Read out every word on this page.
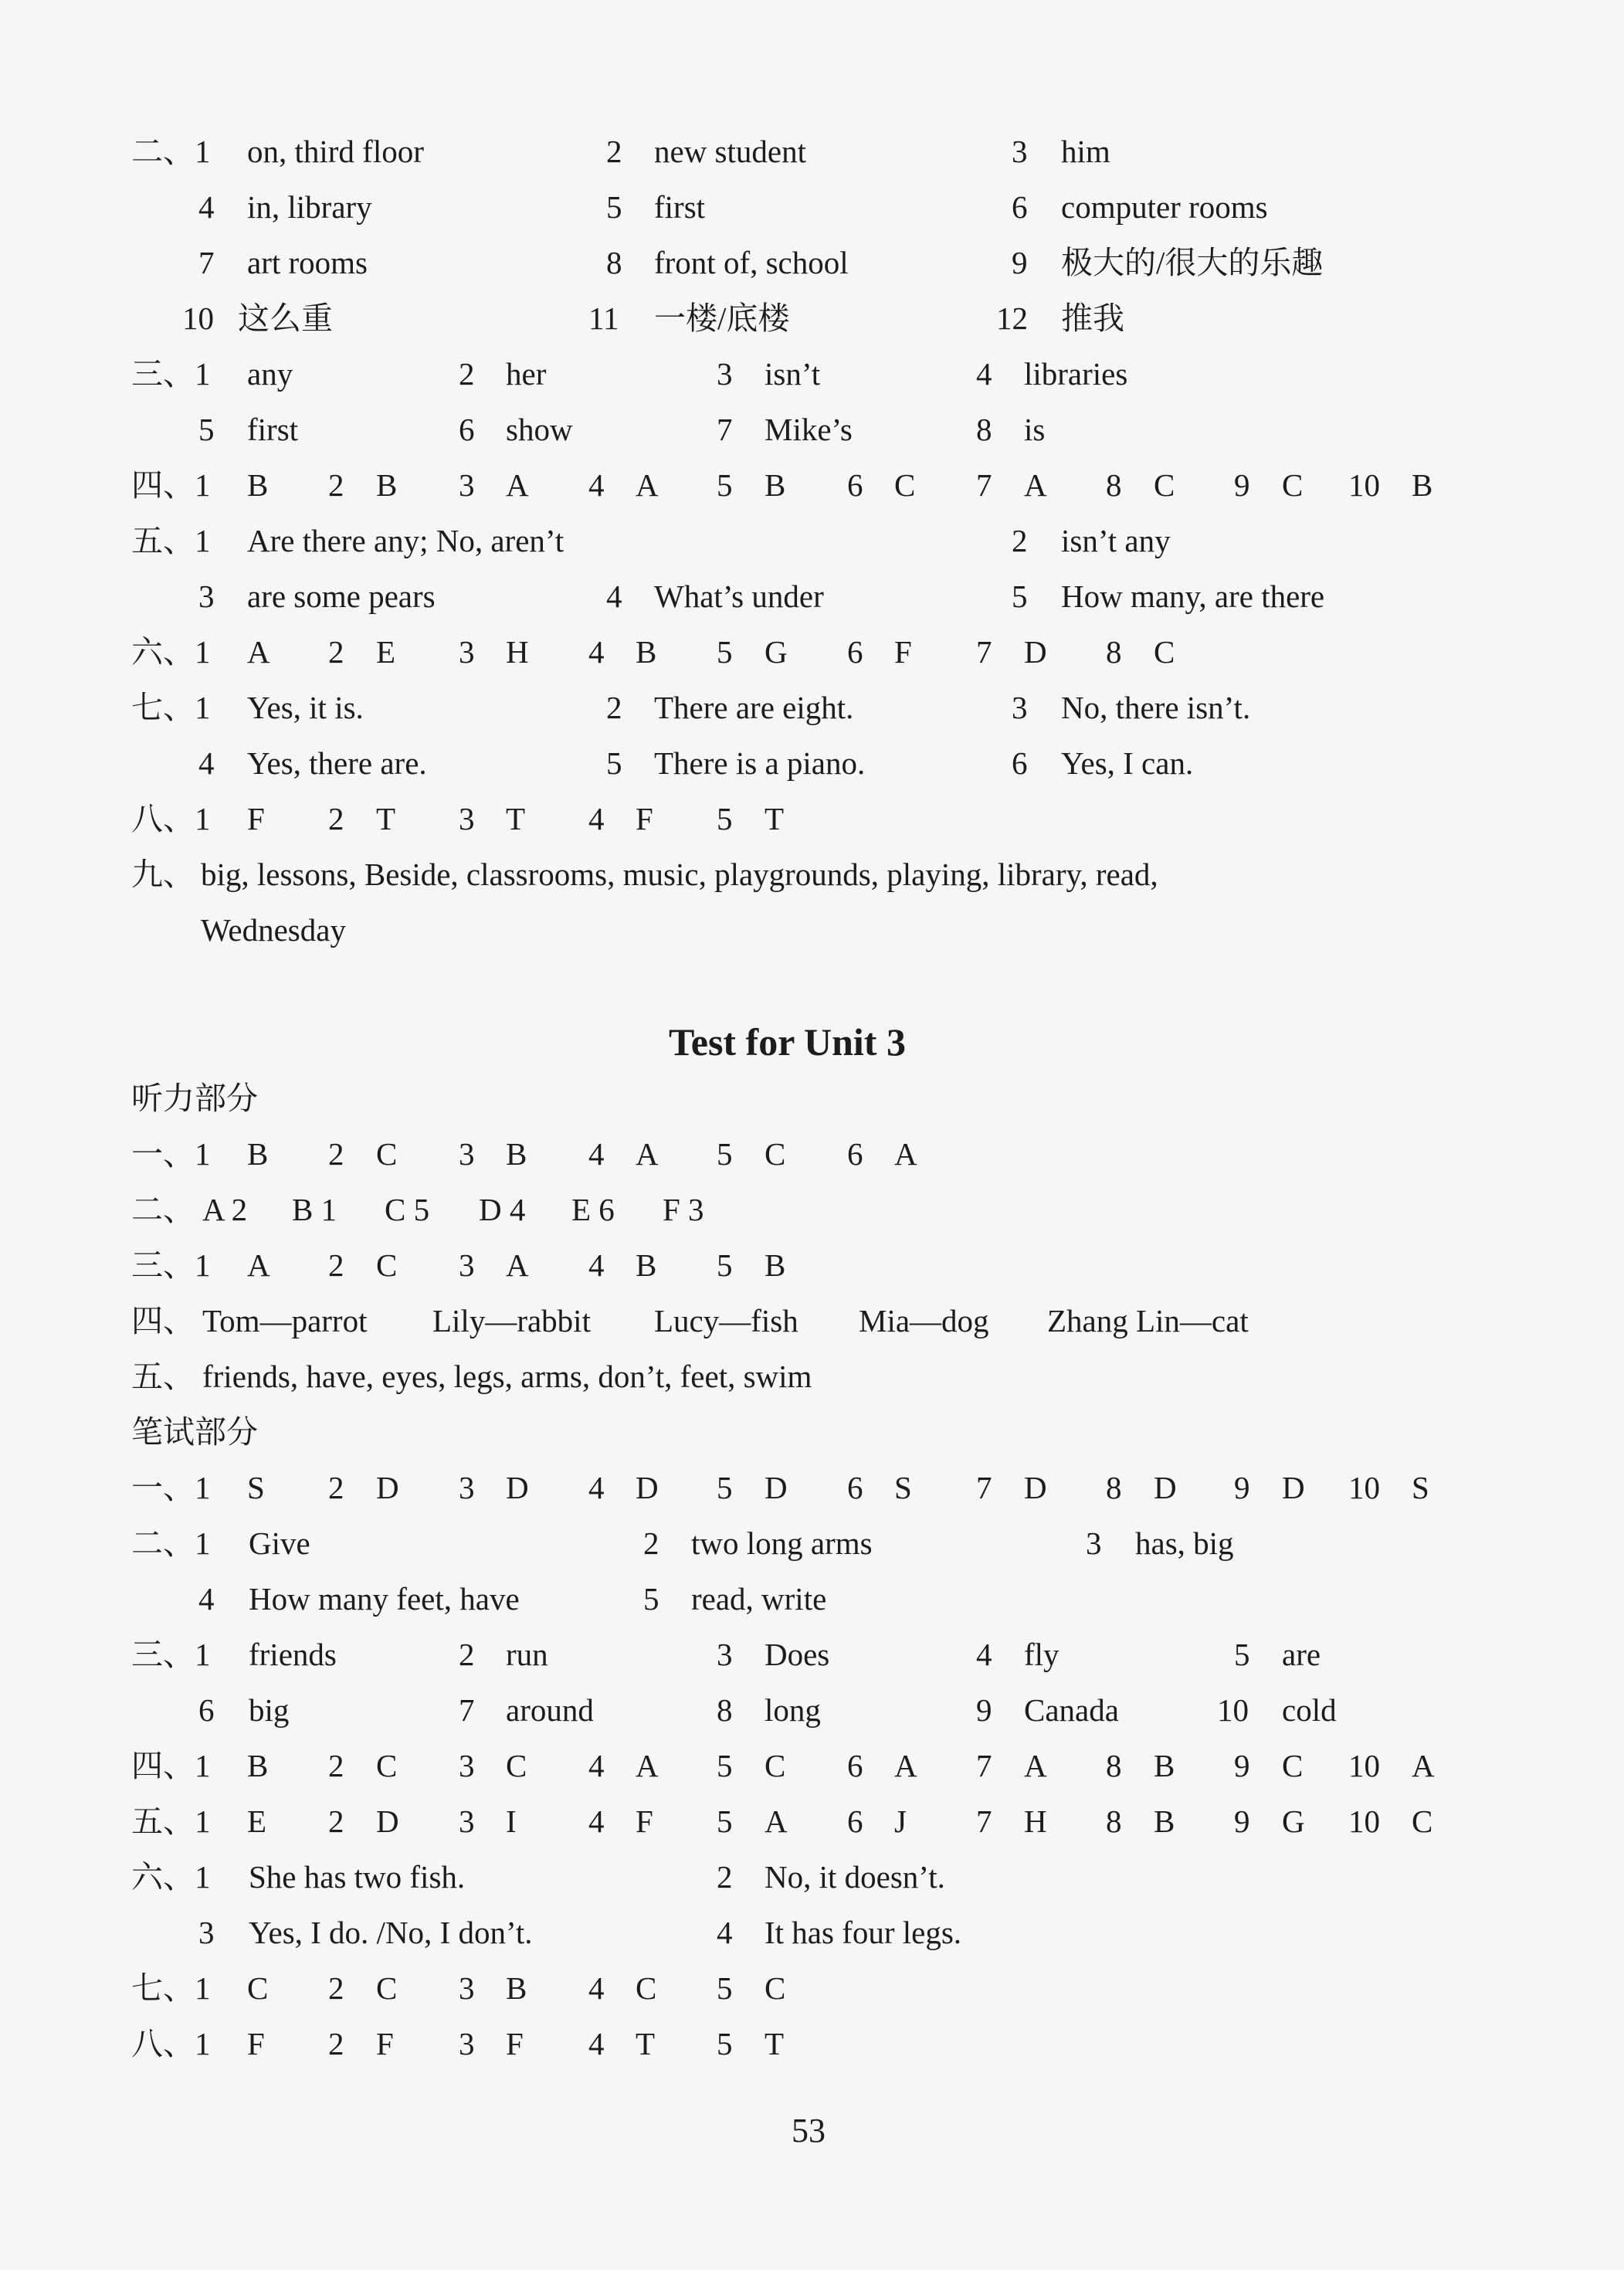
二、1 on, third floor	2 new student	3 him
4 in, library	5 first	6 computer rooms
7 art rooms	8 front of, school	9 极大的/很大的乐趣
10 这么重	11 一楼/底楼	12 推我
三、1 any	2 her	3 isn’t	4 libraries
5 first	6 show	7 Mike’s	8 is
四、1 B 2 B 3 A 4 A 5 B 6 C 7 A 8 C 9 C 10 B
五、1 Are there any; No, aren’t	2 isn’t any
3 are some pears	4 What’s under	5 How many, are there
六、1 A 2 E 3 H 4 B 5 G 6 F 7 D 8 C
七、1 Yes, it is.	2 There are eight.	3 No, there isn’t.
4 Yes, there are.	5 There is a piano.	6 Yes, I can.
八、1 F 2 T 3 T 4 F 5 T
九、 big, lessons, Beside, classrooms, music, playgrounds, playing, library, read,
Wednesday
Test for Unit 3
听力部分
一、1 B 2 C 3 B 4 A 5 C 6 A
二、 A 2 B 1 C 5 D 4 E 6 F 3
三、1 A 2 C 3 A 4 B 5 B
四、 Tom—parrot Lily—rabbit Lucy—fish Mia—dog Zhang Lin—cat
五、 friends, have, eyes, legs, arms, don’t, feet, swim
笔试部分
一、1 S 2 D 3 D 4 D 5 D 6 S 7 D 8 D 9 D 10 S
二、1 Give	2 two long arms	3 has, big
4 How many feet, have	5 read, write
三、1 friends	2 run	3 Does	4 fly	5 are
6 big	7 around	8 long	9 Canada	10 cold
四、1 B 2 C 3 C 4 A 5 C 6 A 7 A 8 B 9 C 10 A
五、1 E 2 D 3 I 4 F 5 A 6 J 7 H 8 B 9 G 10 C
六、1 She has two fish.	2 No, it doesn’t.
3 Yes, I do. /No, I don’t.	4 It has four legs.
七、1 C 2 C 3 B 4 C 5 C
八、1 F 2 F 3 F 4 T 5 T
53
